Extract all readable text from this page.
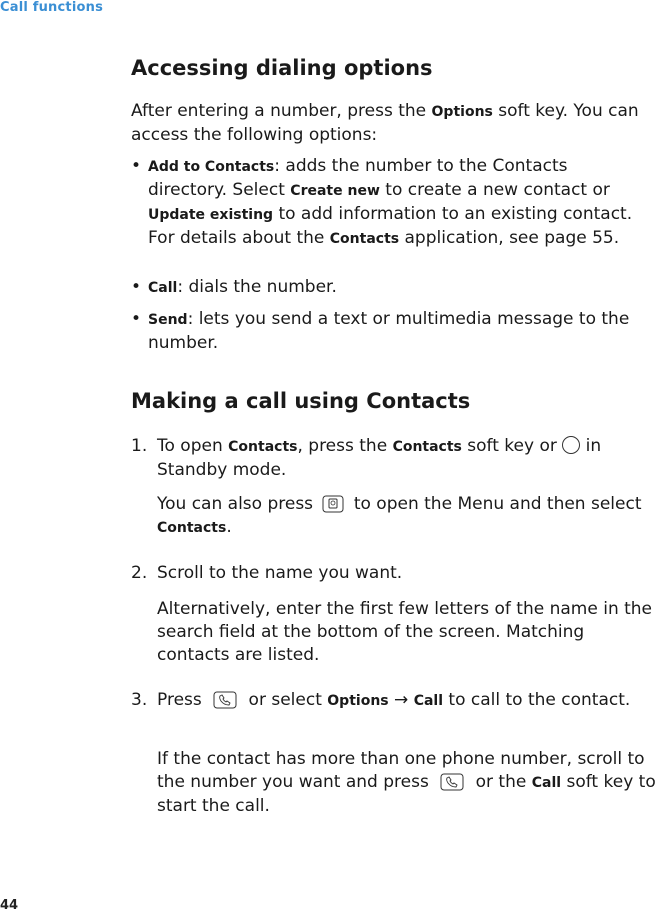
Call functions
Accessing dialing options

After entering a number, press the Options soft key. You can access the following options:

• Add to Contacts: adds the number to the Contacts directory. Select Create new to create a new contact or Update existing to add information to an existing contact. For details about the Contacts application, see page 55.
• Call: dials the number.
• Send: lets you send a text or multimedia message to the number.
Making a call using Contacts
1. To open Contacts, press the Contacts soft key or  in Standby mode.
You can also press  to open the Menu and then select Contacts.
2. Scroll to the name you want.
Alternatively, enter the first few letters of the name in the search field at the bottom of the screen. Matching contacts are listed.
3. Press  or select Options → Call to call to the contact.
If the contact has more than one phone number, scroll to the number you want and press  or the Call soft key to start the call.
44
